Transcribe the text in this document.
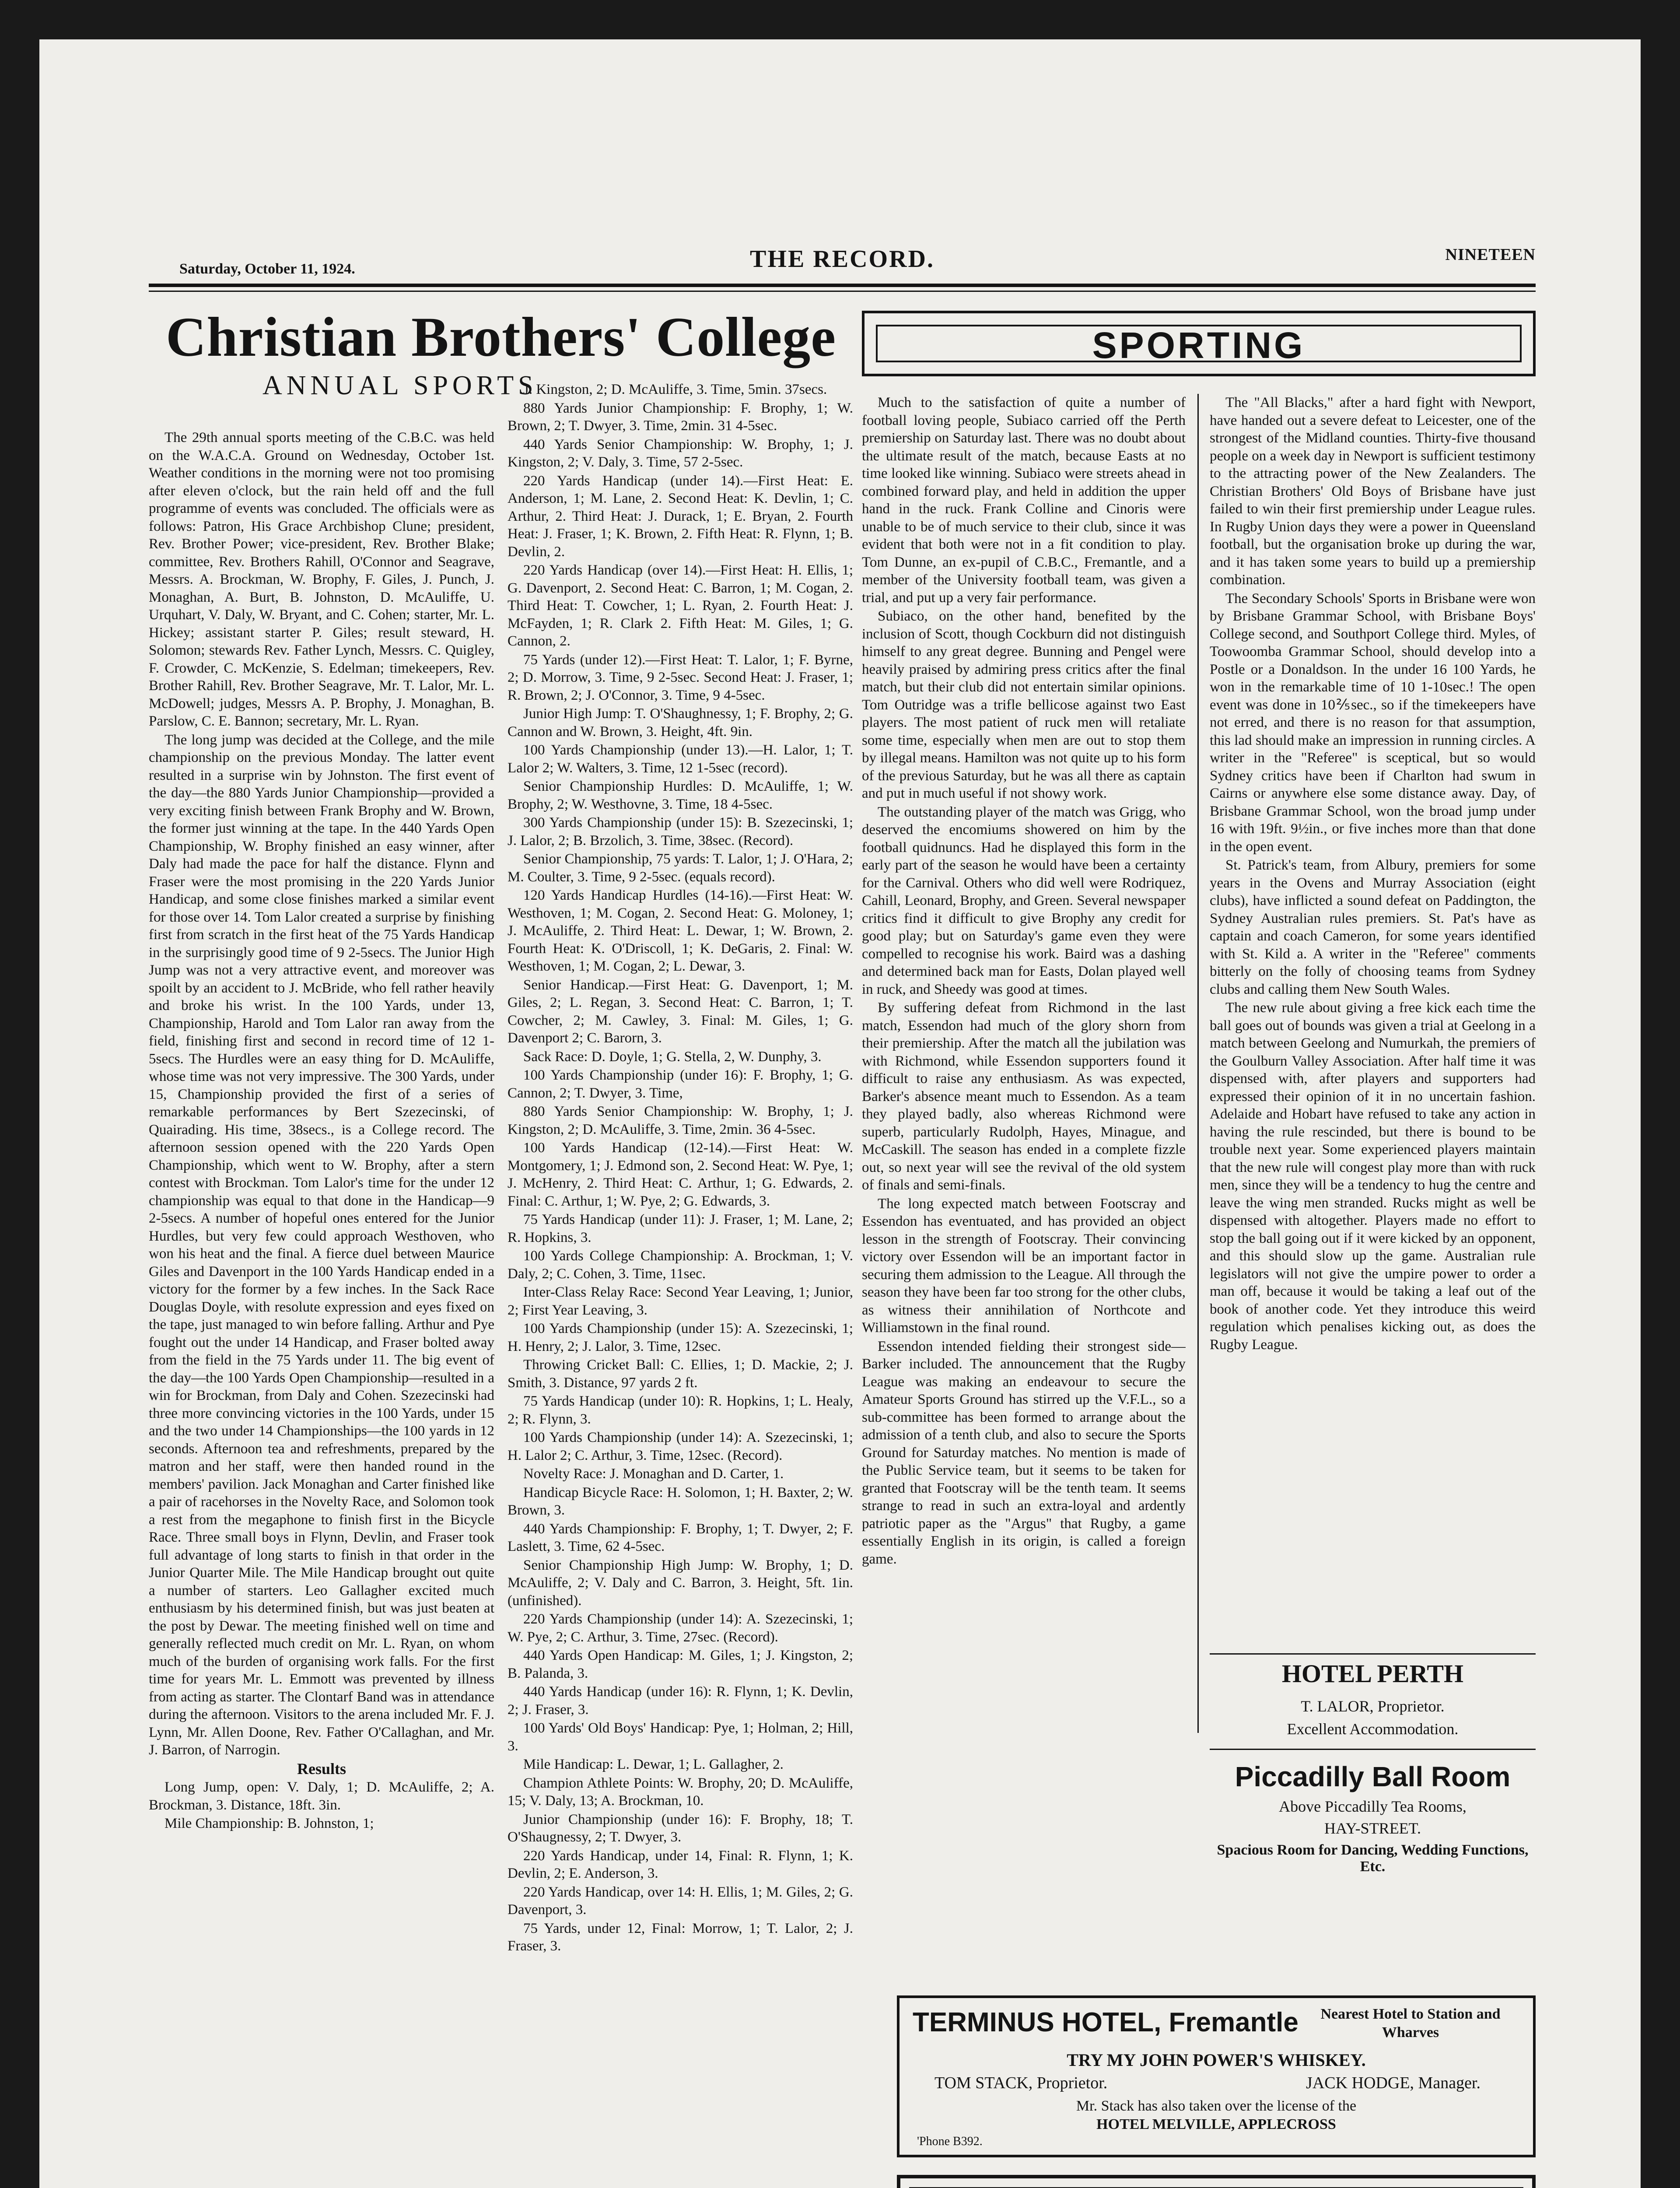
Saturday, October 11, 1924.	THE RECORD.	NINETEEN
Christian Brothers' College
ANNUAL SPORTS

The 29th annual sports meeting of the C.B.C. was held on the W.A.C.A. Ground on Wednesday, October 1st. Weather conditions in the morning were not too promising after eleven o'clock, but the rain held off and the full programme of events was concluded. The officials were as follows: Patron, His Grace Archbishop Clune; president, Rev. Brother Power; vice-president, Rev. Brother Blake; committee, Rev. Brothers Rahill, O'Connor and Seagrave, Messrs. A. Brockman, W. Brophy, F. Giles, J. Punch, J. Monaghan, A. Burt, B. Johnston, D. McAuliffe, U. Urquhart, V. Daly, W. Bryant, and C. Cohen; starter, Mr. L. Hickey; assistant starter P. Giles; result steward, H. Solomon; stewards Rev. Father Lynch, Messrs. C. Quigley, F. Crowder, C. McKenzie, S. Edelman; timekeepers, Rev. Brother Rahill, Rev. Brother Seagrave, Mr. T. Lalor, Mr. L. McDowell; judges, Messrs A. P. Brophy, J. Monaghan, B. Parslow, C. E. Bannon; secretary, Mr. L. Ryan.

The long jump was decided at the College, and the mile championship on the previous Monday. The latter event resulted in a surprise win by Johnston. The first event of the day—the 880 Yards Junior Championship—provided a very exciting finish between Frank Brophy and W. Brown, the former just winning at the tape. In the 440 Yards Open Championship, W. Brophy finished an easy winner, after Daly had made the pace for half the distance. Flynn and Fraser were the most promising in the 220 Yards Junior Handicap, and some close finishes marked a similar event for those over 14. Tom Lalor created a surprise by finishing first from scratch in the first heat of the 75 Yards Handicap in the surprisingly good time of 9 2-5secs. The Junior High Jump was not a very attractive event, and moreover was spoilt by an accident to J. McBride, who fell rather heavily and broke his wrist. In the 100 Yards, under 13, Championship, Harold and Tom Lalor ran away from the field, finishing first and second in record time of 12 1-5secs. The Hurdles were an easy thing for D. McAuliffe, whose time was not very impressive. The 300 Yards, under 15, Championship provided the first of a series of remarkable performances by Bert Szezecinski, of Quairading. His time, 38secs., is a College record. The afternoon session opened with the 220 Yards Open Championship, which went to W. Brophy, after a stern contest with Brockman. Tom Lalor's time for the under 12 championship was equal to that done in the Handicap—9 2-5secs. A number of hopeful ones entered for the Junior Hurdles, but very few could approach Westhoven, who won his heat and the final. A fierce duel between Maurice Giles and Davenport in the 100 Yards Handicap ended in a victory for the former by a few inches. In the Sack Race Douglas Doyle, with resolute expression and eyes fixed on the tape, just managed to win before falling. Arthur and Pye fought out the under 14 Handicap, and Fraser bolted away from the field in the 75 Yards under 11. The big event of the day—the 100 Yards Open Championship—resulted in a win for Brockman, from Daly and Cohen. Szezecinski had three more convincing victories in the 100 Yards, under 15 and the two under 14 Championships—the 100 yards in 12 seconds. Afternoon tea and refreshments, prepared by the matron and her staff, were then handed round in the members' pavilion. Jack Monaghan and Carter finished like a pair of racehorses in the Novelty Race, and Solomon took a rest from the megaphone to finish first in the Bicycle Race. Three small boys in Flynn, Devlin, and Fraser took full advantage of long starts to finish in that order in the Junior Quarter Mile. The Mile Handicap brought out quite a number of starters. Leo Gallagher excited much enthusiasm by his determined finish, but was just beaten at the post by Dewar. The meeting finished well on time and generally reflected much credit on Mr. L. Ryan, on whom much of the burden of organising work falls. For the first time for years Mr. L. Emmott was prevented by illness from acting as starter. The Clontarf Band was in attendance during the afternoon. Visitors to the arena included Mr. F. J. Lynn, Mr. Allen Doone, Rev. Father O'Callaghan, and Mr. J. Barron, of Narrogin.

Results

Long Jump, open: V. Daly, 1; D. McAuliffe, 2; A. Brockman, 3. Distance, 18ft. 3in.

Mile Championship: B. Johnston, 1;

J. Kingston, 2; D. McAuliffe, 3. Time, 5min. 37secs.

880 Yards Junior Championship: F. Brophy, 1; W. Brown, 2; T. Dwyer, 3. Time, 2min. 31 4-5sec.

440 Yards Senior Championship: W. Brophy, 1; J. Kingston, 2; V. Daly, 3. Time, 57 2-5sec.

220 Yards Handicap (under 14).—First Heat: E. Anderson, 1; M. Lane, 2. Second Heat: K. Devlin, 1; C. Arthur, 2. Third Heat: J. Durack, 1; E. Bryan, 2. Fourth Heat: J. Fraser, 1; K. Brown, 2. Fifth Heat: R. Flynn, 1; B. Devlin, 2.

220 Yards Handicap (over 14).—First Heat: H. Ellis, 1; G. Davenport, 2. Second Heat: C. Barron, 1; M. Cogan, 2. Third Heat: T. Cowcher, 1; L. Ryan, 2. Fourth Heat: J. McFayden, 1; R. Clark 2. Fifth Heat: M. Giles, 1; G. Cannon, 2.

75 Yards (under 12).—First Heat: T. Lalor, 1; F. Byrne, 2; D. Morrow, 3. Time, 9 2-5sec. Second Heat: J. Fraser, 1; R. Brown, 2; J. O'Connor, 3. Time, 9 4-5sec.

Junior High Jump: T. O'Shaughnessy, 1; F. Brophy, 2; G. Cannon and W. Brown, 3. Height, 4ft. 9in.

100 Yards Championship (under 13).—H. Lalor, 1; T. Lalor 2; W. Walters, 3. Time, 12 1-5sec (record).

Senior Championship Hurdles: D. McAuliffe, 1; W. Brophy, 2; W. Westhovne, 3. Time, 18 4-5sec.

300 Yards Championship (under 15): B. Szezecinski, 1; J. Lalor, 2; B. Brzolich, 3. Time, 38sec. (Record).

Senior Championship, 75 yards: T. Lalor, 1; J. O'Hara, 2; M. Coulter, 3. Time, 9 2-5sec. (equals record).

120 Yards Handicap Hurdles (14-16).—First Heat: W. Westhoven, 1; M. Cogan, 2. Second Heat: G. Moloney, 1; J. McAuliffe, 2. Third Heat: L. Dewar, 1; W. Brown, 2. Fourth Heat: K. O'Driscoll, 1; K. DeGaris, 2. Final: W. Westhoven, 1; M. Cogan, 2; L. Dewar, 3.

Senior Handicap.—First Heat: G. Davenport, 1; M. Giles, 2; L. Regan, 3. Second Heat: C. Barron, 1; T. Cowcher, 2; M. Cawley, 3. Final: M. Giles, 1; G. Davenport 2; C. Barorn, 3.

Sack Race: D. Doyle, 1; G. Stella, 2, W. Dunphy, 3.

100 Yards Championship (under 16): F. Brophy, 1; G. Cannon, 2; T. Dwyer, 3. Time,

880 Yards Senior Championship: W. Brophy, 1; J. Kingston, 2; D. McAuliffe, 3. Time, 2min. 36 4-5sec.

100 Yards Handicap (12-14).—First Heat: W. Montgomery, 1; J. Edmond son, 2. Second Heat: W. Pye, 1; J. McHenry, 2. Third Heat: C. Arthur, 1; G. Edwards, 2. Final: C. Arthur, 1; W. Pye, 2; G. Edwards, 3.

75 Yards Handicap (under 11): J. Fraser, 1; M. Lane, 2; R. Hopkins, 3.

100 Yards College Championship: A. Brockman, 1; V. Daly, 2; C. Cohen, 3. Time, 11sec.

Inter-Class Relay Race: Second Year Leaving, 1; Junior, 2; First Year Leaving, 3.

100 Yards Championship (under 15): A. Szezecinski, 1; H. Henry, 2; J. Lalor, 3. Time, 12sec.

Throwing Cricket Ball: C. Ellies, 1; D. Mackie, 2; J. Smith, 3. Distance, 97 yards 2 ft.

75 Yards Handicap (under 10): R. Hopkins, 1; L. Healy, 2; R. Flynn, 3.

100 Yards Championship (under 14): A. Szezecinski, 1; H. Lalor 2; C. Arthur, 3. Time, 12sec. (Record).

Novelty Race: J. Monaghan and D. Carter, 1.

Handicap Bicycle Race: H. Solomon, 1; H. Baxter, 2; W. Brown, 3.

440 Yards Championship: F. Brophy, 1; T. Dwyer, 2; F. Laslett, 3. Time, 62 4-5sec.

Senior Championship High Jump: W. Brophy, 1; D. McAuliffe, 2; V. Daly and C. Barron, 3. Height, 5ft. 1in. (unfinished).

220 Yards Championship (under 14): A. Szezecinski, 1; W. Pye, 2; C. Arthur, 3. Time, 27sec. (Record).

440 Yards Open Handicap: M. Giles, 1; J. Kingston, 2; B. Palanda, 3.

440 Yards Handicap (under 16): R. Flynn, 1; K. Devlin, 2; J. Fraser, 3.

100 Yards' Old Boys' Handicap: Pye, 1; Holman, 2; Hill, 3.

Mile Handicap: L. Dewar, 1; L. Gallagher, 2.

Champion Athlete Points: W. Brophy, 20; D. McAuliffe, 15; V. Daly, 13; A. Brockman, 10.

Junior Championship (under 16): F. Brophy, 18; T. O'Shaugnessy, 2; T. Dwyer, 3.

220 Yards Handicap, under 14, Final: R. Flynn, 1; K. Devlin, 2; E. Anderson, 3.

220 Yards Handicap, over 14: H. Ellis, 1; M. Giles, 2; G. Davenport, 3.

75 Yards, under 12, Final: Morrow, 1; T. Lalor, 2; J. Fraser, 3.

SPORTING

Much to the satisfaction of quite a number of football loving people, Subiaco carried off the Perth premiership on Saturday last. There was no doubt about the ultimate result of the match, because Easts at no time looked like winning. Subiaco were streets ahead in combined forward play, and held in addition the upper hand in the ruck. Frank Colline and Cinoris were unable to be of much service to their club, since it was evident that both were not in a fit condition to play. Tom Dunne, an ex-pupil of C.B.C., Fremantle, and a member of the University football team, was given a trial, and put up a very fair performance.

Subiaco, on the other hand, benefited by the inclusion of Scott, though Cockburn did not distinguish himself to any great degree. Bunning and Pengel were heavily praised by admiring press critics after the final match, but their club did not entertain similar opinions. Tom Outridge was a trifle bellicose against two East players. The most patient of ruck men will retaliate some time, especially when men are out to stop them by illegal means. Hamilton was not quite up to his form of the previous Saturday, but he was all there as captain and put in much useful if not showy work.

The outstanding player of the match was Grigg, who deserved the encomiums showered on him by the football quidnuncs. Had he displayed this form in the early part of the season he would have been a certainty for the Carnival. Others who did well were Rodriquez, Cahill, Leonard, Brophy, and Green. Several newspaper critics find it difficult to give Brophy any credit for good play; but on Saturday's game even they were compelled to recognise his work. Baird was a dashing and determined back man for Easts, Dolan played well in ruck, and Sheedy was good at times.

By suffering defeat from Richmond in the last match, Essendon had much of the glory shorn from their premiership. After the match all the jubilation was with Richmond, while Essendon supporters found it difficult to raise any enthusiasm. As was expected, Barker's absence meant much to Essendon. As a team they played badly, also whereas Richmond were superb, particularly Rudolph, Hayes, Minague, and McCaskill. The season has ended in a complete fizzle out, so next year will see the revival of the old system of finals and semi-finals.

The long expected match between Footscray and Essendon has eventuated, and has provided an object lesson in the strength of Footscray. Their convincing victory over Essendon will be an important factor in securing them admission to the League. All through the season they have been far too strong for the other clubs, as witness their annihilation of Northcote and Williamstown in the final round.

Essendon intended fielding their strongest side—Barker included. The announcement that the Rugby League was making an endeavour to secure the Amateur Sports Ground has stirred up the V.F.L., so a sub-committee has been formed to arrange about the admission of a tenth club, and also to secure the Sports Ground for Saturday matches. No mention is made of the Public Service team, but it seems to be taken for granted that Footscray will be the tenth team. It seems strange to read in such an extra-loyal and ardently patriotic paper as the "Argus" that Rugby, a game essentially English in its origin, is called a foreign game.

The "All Blacks," after a hard fight with Newport, have handed out a severe defeat to Leicester, one of the strongest of the Midland counties. Thirty-five thousand people on a week day in Newport is sufficient testimony to the attracting power of the New Zealanders. The Christian Brothers' Old Boys of Brisbane have just failed to win their first premiership under League rules. In Rugby Union days they were a power in Queensland football, but the organisation broke up during the war, and it has taken some years to build up a premiership combination.

The Secondary Schools' Sports in Brisbane were won by Brisbane Grammar School, with Brisbane Boys' College second, and Southport College third. Myles, of Toowoomba Grammar School, should develop into a Postle or a Donaldson. In the under 16 100 Yards, he won in the remarkable time of 10 1-10sec.! The open event was done in 10⅖sec., so if the timekeepers have not erred, and there is no reason for that assumption, this lad should make an impression in running circles. A writer in the "Referee" is sceptical, but so would Sydney critics have been if Charlton had swum in Cairns or anywhere else some distance away. Day, of Brisbane Grammar School, won the broad jump under 16 with 19ft. 9½in., or five inches more than that done in the open event.

St. Patrick's team, from Albury, premiers for some years in the Ovens and Murray Association (eight clubs), have inflicted a sound defeat on Paddington, the Sydney Australian rules premiers. St. Pat's have as captain and coach Cameron, for some years identified with St. Kild a. A writer in the "Referee" comments bitterly on the folly of choosing teams from Sydney clubs and calling them New South Wales.

The new rule about giving a free kick each time the ball goes out of bounds was given a trial at Geelong in a match between Geelong and Numurkah, the premiers of the Goulburn Valley Association. After half time it was dispensed with, after players and supporters had expressed their opinion of it in no uncertain fashion. Adelaide and Hobart have refused to take any action in having the rule rescinded, but there is bound to be trouble next year. Some experienced players maintain that the new rule will congest play more than with ruck men, since they will be a tendency to hug the centre and leave the wing men stranded. Rucks might as well be dispensed with altogether. Players made no effort to stop the ball going out if it were kicked by an opponent, and this should slow up the game. Australian rule legislators will not give the umpire power to order a man off, because it would be taking a leaf out of the book of another code. Yet they introduce this weird regulation which penalises kicking out, as does the Rugby League.

HOTEL PERTH
T. LALOR, Proprietor.
Excellent Accommodation.
Piccadilly Ball Room
Above Piccadilly Tea Rooms,
HAY-STREET.
Spacious Room for Dancing, Wedding Functions, Etc.
TERMINUS HOTEL, Fremantle	Nearest Hotel to Station and Wharves
TRY MY JOHN POWER'S WHISKEY.
TOM STACK, Proprietor.	JACK HODGE, Manager.
Mr. Stack has also taken over the license of the
HOTEL MELVILLE, APPLECROSS
'Phone B392.
